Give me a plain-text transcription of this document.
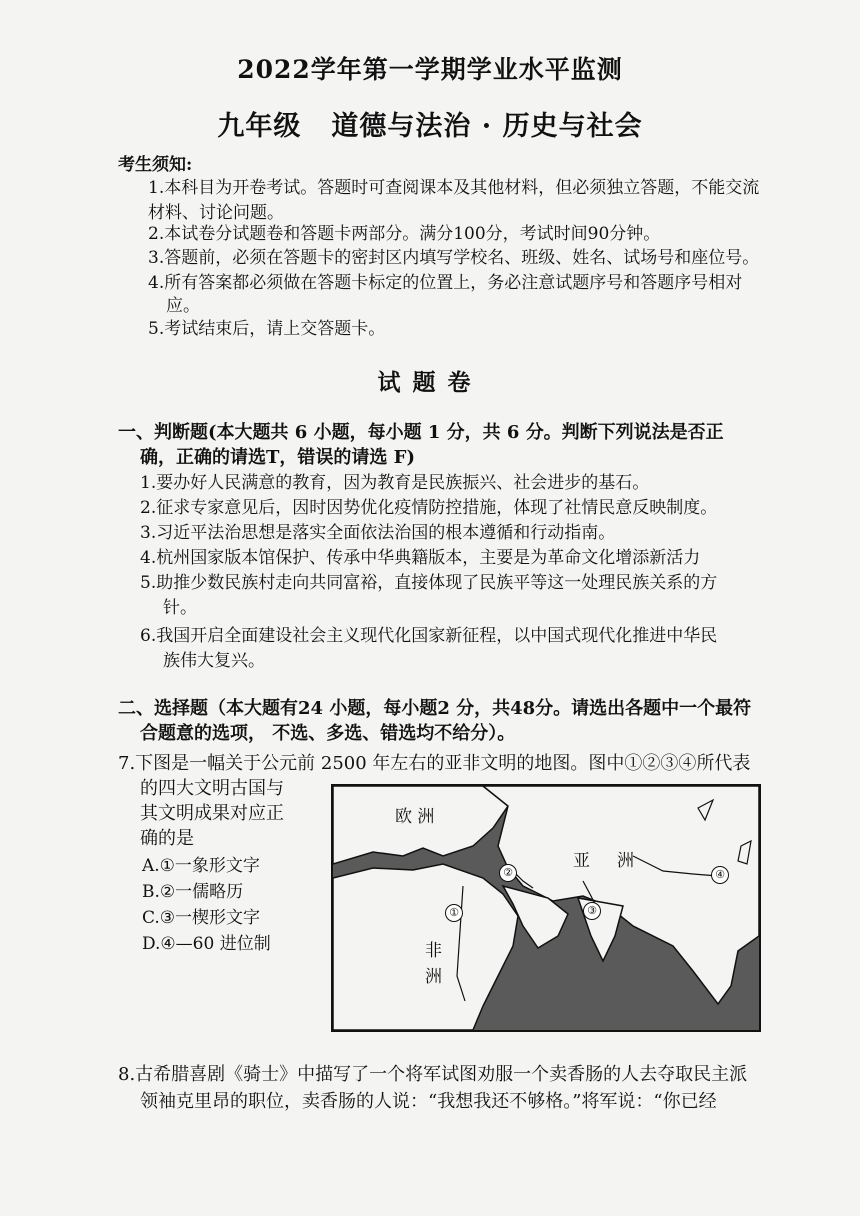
2022学年第一学期学业水平监测
九年级 道德与法治 · 历史与社会
考生须知:
1.本科目为开卷考试。答题时可查阅课本及其他材料，但必须独立答题，不能交流
材料、讨论问题。
2.本试卷分试题卷和答题卡两部分。满分100分，考试时间90分钟。
3.答题前，必须在答题卡的密封区内填写学校名、班级、姓名、试场号和座位号。
4.所有答案都必须做在答题卡标定的位置上，务必注意试题序号和答题序号相对
应。
5.考试结束后，请上交答题卡。
试题卷
一、判断题(本大题共 6 小题，每小题 1 分，共 6 分。判断下列说法是否正
确，正确的请选T，错误的请选 F)
1.要办好人民满意的教育，因为教育是民族振兴、社会进步的基石。
2.征求专家意见后，因时因势优化疫情防控措施，体现了社情民意反映制度。
3.习近平法治思想是落实全面依法治国的根本遵循和行动指南。
4.杭州国家版本馆保护、传承中华典籍版本，主要是为革命文化增添新活力
5.助推少数民族村走向共同富裕，直接体现了民族平等这一处理民族关系的方
针。
6.我国开启全面建设社会主义现代化国家新征程，以中国式现代化推进中华民
族伟大复兴。
二、选择题（本大题有24 小题，每小题2 分，共48分。请选出各题中一个最符
合题意的选项， 不选、多选、错选均不给分）。
7.下图是一幅关于公元前 2500 年左右的亚非文明的地图。图中①②③④所代表
的四大文明古国与
其文明成果对应正
确的是
A.①一象形文字
B.②一儒略历
C.③一楔形文字
D.④—60 进位制
欧 洲
亚     洲
非
洲
①
②
③
④
8.古希腊喜剧《骑士》中描写了一个将军试图劝服一个卖香肠的人去夺取民主派
领袖克里昂的职位，卖香肠的人说：“我想我还不够格。”将军说：“你已经
